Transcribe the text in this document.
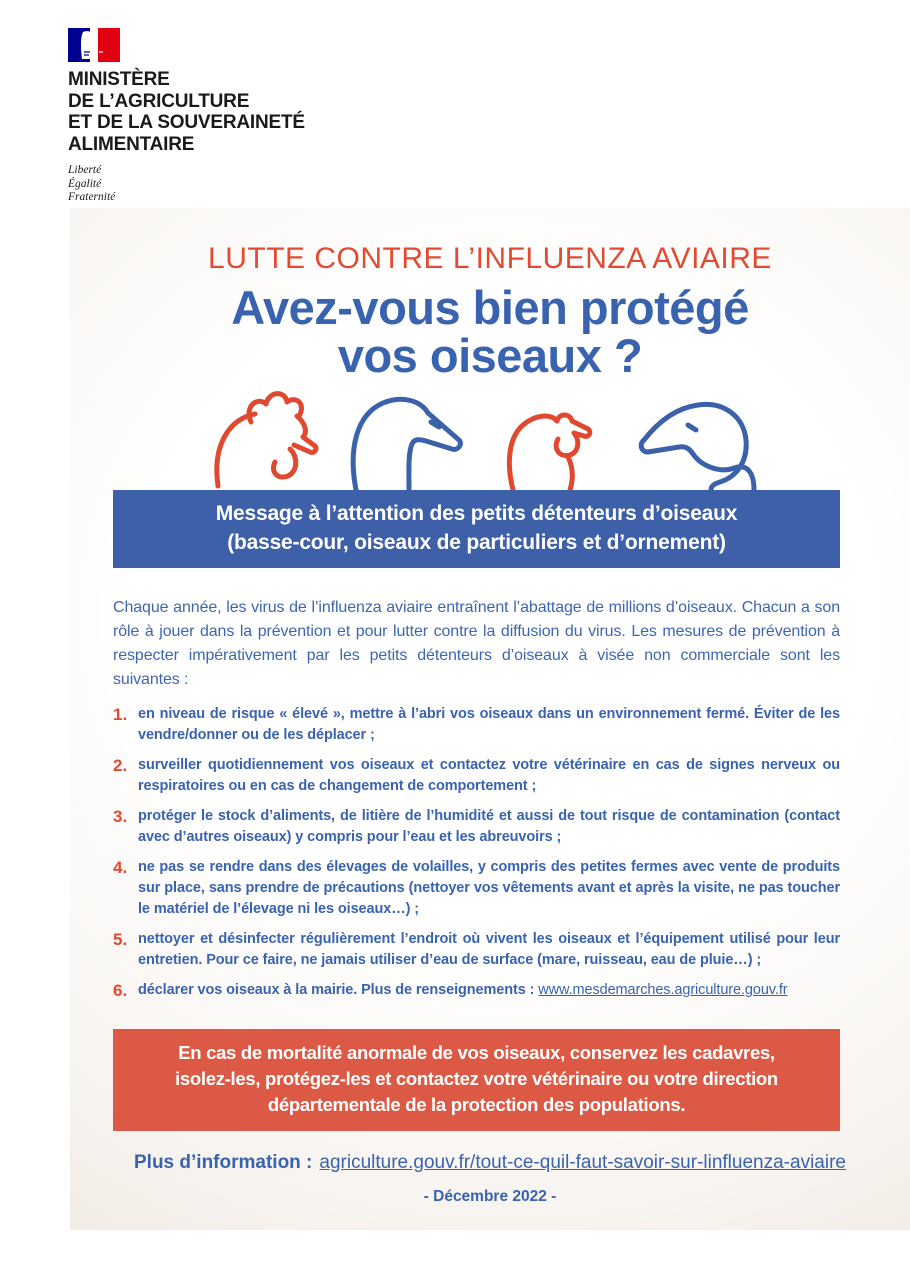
MINISTÈRE
DE L’AGRICULTURE
ET DE LA SOUVERAINETÉ
ALIMENTAIRE
Liberté
Égalité
Fraternité
LUTTE CONTRE L’INFLUENZA AVIAIRE
Avez-vous bien protégé
vos oiseaux ?
Message à l’attention des petits détenteurs d’oiseaux
(basse-cour, oiseaux de particuliers et d’ornement)

Chaque année, les virus de l’influenza aviaire entraînent l’abattage de millions d’oiseaux. Chacun a son rôle à jouer dans la prévention et pour lutter contre la diffusion du virus. Les mesures de prévention à respecter impérativement par les petits détenteurs d’oiseaux à visée non commerciale sont les suivantes :

1. en niveau de risque « élevé », mettre à l’abri vos oiseaux dans un environnement fermé. Éviter de les vendre/donner ou de les déplacer ;
2. surveiller quotidiennement vos oiseaux et contactez votre vétérinaire en cas de signes nerveux ou respiratoires ou en cas de changement de comportement ;
3. protéger le stock d’aliments, de litière de l’humidité et aussi de tout risque de contamination (contact avec d’autres oiseaux) y compris pour l’eau et les abreuvoirs ;
4. ne pas se rendre dans des élevages de volailles, y compris des petites fermes avec vente de produits sur place, sans prendre de précautions (nettoyer vos vêtements avant et après la visite, ne pas toucher le matériel de l’élevage ni les oiseaux…) ;
5. nettoyer et désinfecter régulièrement l’endroit où vivent les oiseaux et l’équipement utilisé pour leur entretien. Pour ce faire, ne jamais utiliser d’eau de surface (mare, ruisseau, eau de pluie…) ;
6. déclarer vos oiseaux à la mairie. Plus de renseignements : www.mesdemarches.agriculture.gouv.fr
En cas de mortalité anormale de vos oiseaux, conservez les cadavres,
isolez-les, protégez-les et contactez votre vétérinaire ou votre direction
départementale de la protection des populations.
Plus d’information : agriculture.gouv.fr/tout-ce-quil-faut-savoir-sur-linfluenza-aviaire
- Décembre 2022 -
